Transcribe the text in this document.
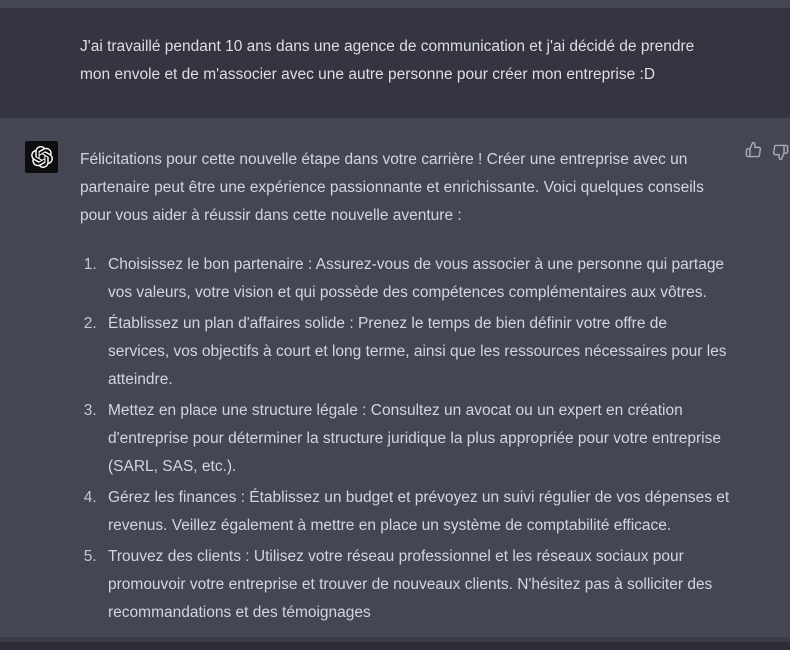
J'ai travaillé pendant 10 ans dans une agence de communication et j'ai décidé de prendre mon envole et de m'associer avec une autre personne pour créer mon entreprise :D

Félicitations pour cette nouvelle étape dans votre carrière ! Créer une entreprise avec un partenaire peut être une expérience passionnante et enrichissante. Voici quelques conseils pour vous aider à réussir dans cette nouvelle aventure :

1. Choisissez le bon partenaire : Assurez-vous de vous associer à une personne qui partage vos valeurs, votre vision et qui possède des compétences complémentaires aux vôtres.
2. Établissez un plan d'affaires solide : Prenez le temps de bien définir votre offre de services, vos objectifs à court et long terme, ainsi que les ressources nécessaires pour les atteindre.
3. Mettez en place une structure légale : Consultez un avocat ou un expert en création d'entreprise pour déterminer la structure juridique la plus appropriée pour votre entreprise (SARL, SAS, etc.).
4. Gérez les finances : Établissez un budget et prévoyez un suivi régulier de vos dépenses et revenus. Veillez également à mettre en place un système de comptabilité efficace.
5. Trouvez des clients : Utilisez votre réseau professionnel et les réseaux sociaux pour promouvoir votre entreprise et trouver de nouveaux clients. N'hésitez pas à solliciter des recommandations et des témoignages
